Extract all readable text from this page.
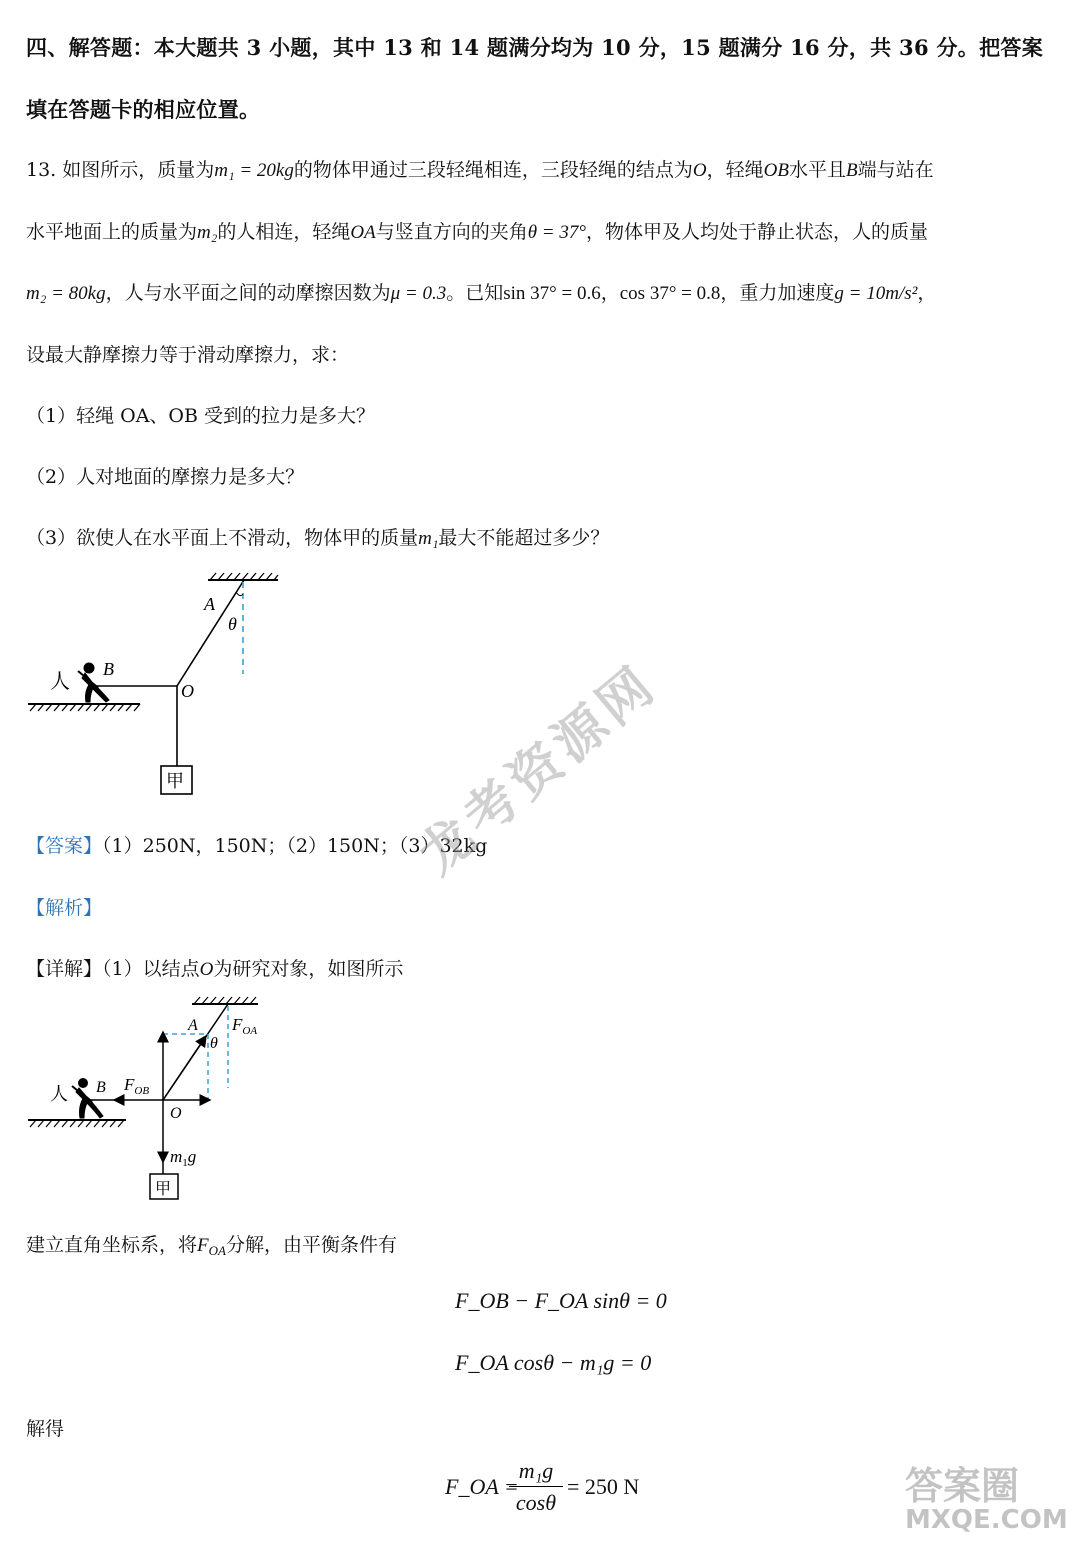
四、解答题：本大题共 3 小题，其中 13 和 14 题满分均为 10 分，15 题满分 16 分，共 36 分。把答案
填在答题卡的相应位置。
13. 如图所示，质量为m₁ = 20kg的物体甲通过三段轻绳相连，三段轻绳的结点为O，轻绳OB水平且B端与站在
水平地面上的质量为m₂的人相连，轻绳OA与竖直方向的夹角θ = 37°，物体甲及人均处于静止状态，人的质量
m₂ = 80kg，人与水平面之间的动摩擦因数为μ = 0.3。已知sin 37° = 0.6，cos 37° = 0.8，重力加速度g = 10m/s²，
设最大静摩擦力等于滑动摩擦力，求：
（1）轻绳 OA、OB 受到的拉力是多大？
（2）人对地面的摩擦力是多大？
（3）欲使人在水平面上不滑动，物体甲的质量m₁最大不能超过多少？
A
θ
B
人	O
甲
【答案】（1）250N，150N；（2）150N；（3）32kg
【解析】
【详解】（1）以结点O为研究对象，如图所示
A
θ
$F_{OA}$
B
人	$F_{OB}$
O
$m_1g$
甲
建立直角坐标系，将$F_{OA}$分解，由平衡条件有
F_OB − F_OA sinθ = 0
F_OA cosθ − m₁g = 0
解得
F_OA =
m₁g
cosθ
= 250 N
龙考资源网
答案圈
MXQE.COM
